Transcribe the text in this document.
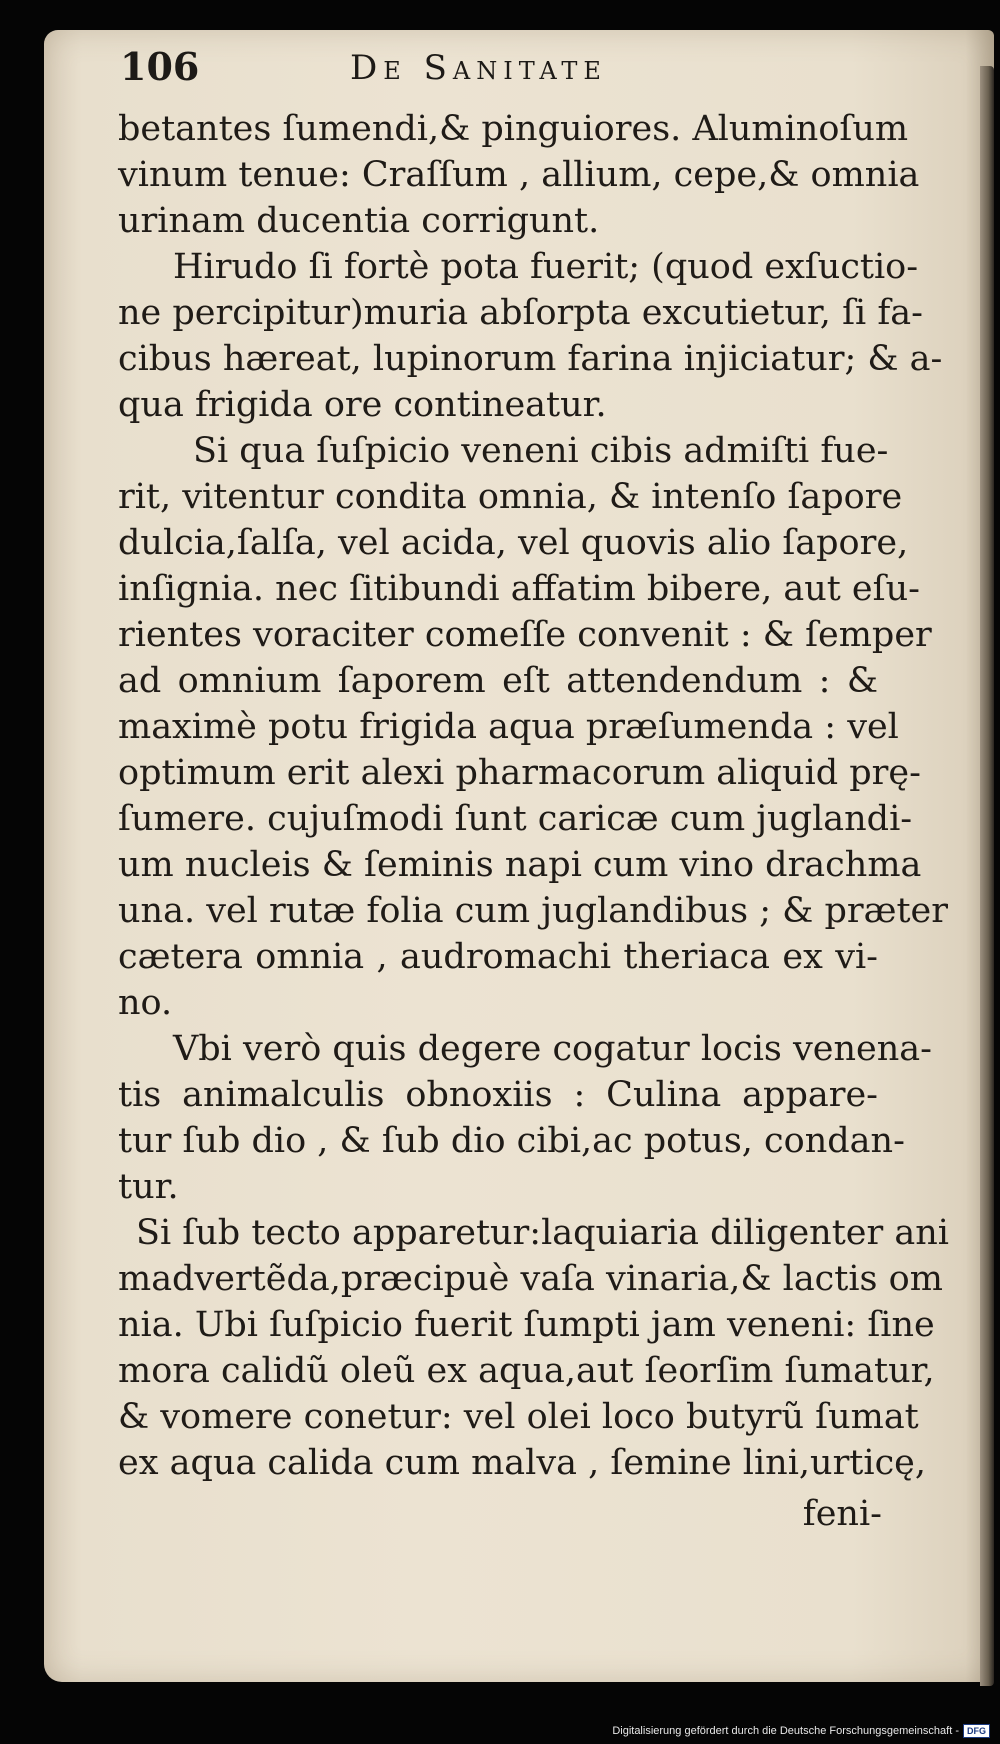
106	De Sanitate
betantes ſumendi,& pinguiores. Aluminoſum
vinum tenue: Craſſum , allium, cepe,& omnia
urinam ducentia corrigunt.
Hirudo ſi fortè pota fuerit; (quod exſuctio-
ne percipitur)muria abſorpta excutietur, ſi fa-
cibus hæreat, lupinorum farina injiciatur; & a-
qua frigida ore contineatur.
Si qua ſuſpicio veneni cibis admiſti fue-
rit, vitentur condita omnia, & intenſo ſapore
dulcia,ſalſa, vel acida, vel quovis alio ſapore,
inſignia. nec ſitibundi affatim bibere, aut eſu-
rientes voraciter comeſſe convenit : & ſemper
ad omnium ſaporem eſt attendendum : &
maximè potu frigida aqua præſumenda : vel
optimum erit alexi pharmacorum aliquid prę-
ſumere. cujuſmodi ſunt caricæ cum juglandi-
um nucleis & ſeminis napi cum vino drachma
una. vel rutæ folia cum juglandibus ; & præter
cætera omnia , audromachi theriaca ex vi-
no.
Vbi verò quis degere cogatur locis venena-
tis animalculis obnoxiis : Culina appare-
tur ſub dio , & ſub dio cibi,ac potus, condan-
tur.
Si ſub tecto apparetur:laquiaria diligenter ani
madvertẽda,præcipuè vaſa vinaria,& lactis om
nia. Ubi ſuſpicio fuerit ſumpti jam veneni: ſine
mora calidũ oleũ ex aqua,aut ſeorſim ſumatur,
& vomere conetur: vel olei loco butyrũ ſumat
ex aqua calida cum malva , ſemine lini,urticę,
feni-
Digitalisierung gefördert durch die Deutsche Forschungsgemeinschaft - DFG
